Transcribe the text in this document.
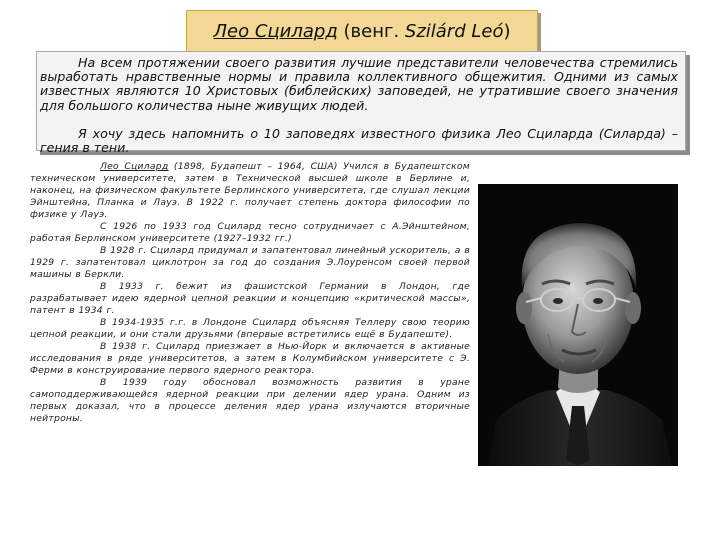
Лео Сцилард (венг. Szilárd Leó)

На всем протяжении своего развития лучшие представители человечества стремились выработать нравственные нормы и правила коллективного общежития. Одними из самых известных являются 10 Христовых (библейских) заповедей, не утратившие своего значения для большого количества ныне живущих людей.

Я хочу здесь напомнить о 10 заповедях известного физика Лео Сциларда (Силарда) – гения в тени.

Лео Сцилард (1898, Будапешт – 1964, США) Учился в Будапештском техническом университете, затем в Технической высшей школе в Берлине и, наконец, на физическом факультете Берлинского университета, где слушал лекции Эйнштейна, Планка и Лауэ. В 1922 г. получает степень доктора философии по физике у Лауэ.

С 1926 по 1933 год Сцилард тесно сотрудничает с А.Эйнштейном, работая Берлинском университете (1927–1932 гг.)

В 1928 г. Сцилард придумал и запатентовал линейный ускоритель, а в 1929 г. запатентовал циклотрон за год до создания Э.Лоуренсом своей первой машины в Беркли.

В 1933 г. бежит из фашистской Германии в Лондон, где разрабатывает идею ядерной цепной реакции и концепцию «критической массы», патент в 1934 г.

В 1934-1935 г.г. в Лондоне Сцилард объясняя Теллеру свою теорию цепной реакции, и они стали друзьями (впервые встретились ещё в Будапеште).

В 1938 г. Сцилард приезжает в Нью-Йорк и включается в активные исследования в ряде университетов, а затем в Колумбийском университете с Э. Ферми в конструирование первого ядерного реактора.

В 1939 году обосновал возможность развития в уране самоподдерживающейся ядерной реакции при делении ядер урана. Одним из первых доказал, что в процессе деления ядер урана излучаются вторичные нейтроны.
